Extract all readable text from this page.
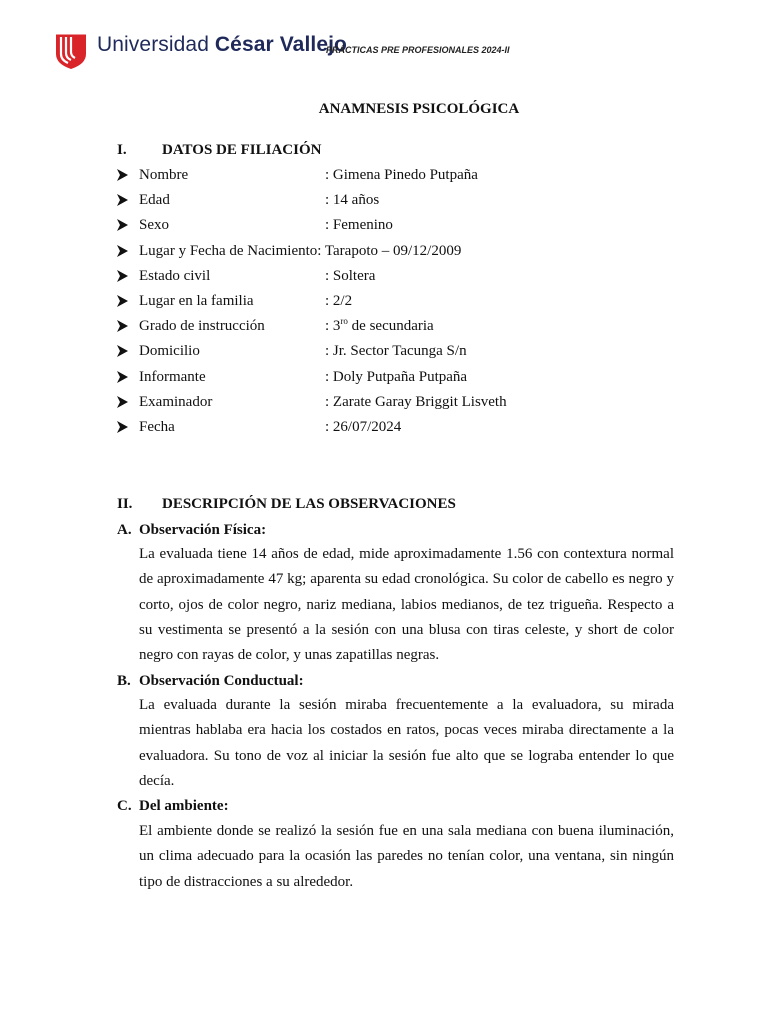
Universidad César Vallejo
PRÁCTICAS PRE PROFESIONALES 2024-II
ANAMNESIS PSICOLÓGICA
I. DATOS DE FILIACIÓN
Nombre	: Gimena Pinedo Putpaña
Edad	: 14 años
Sexo	: Femenino
Lugar y Fecha de Nacimiento : Tarapoto – 09/12/2009
Estado civil	: Soltera
Lugar en la familia	: 2/2
Grado de instrucción	: $3^{ro}$ de secundaria
Domicilio	: Jr. Sector Tacunga S/n
Informante	: Doly Putpaña Putpaña
Examinador	: Zarate Garay Briggit Lisveth
Fecha	: 26/07/2024
II. DESCRIPCIÓN DE LAS OBSERVACIONES
A. Observación Física:
La evaluada tiene 14 años de edad, mide aproximadamente 1.56 con contextura normal de aproximadamente 47 kg; aparenta su edad cronológica. Su color de cabello es negro y corto, ojos de color negro, nariz mediana, labios medianos, de tez trigueña. Respecto a su vestimenta se presentó a la sesión con una blusa con tiras celeste, y short de color negro con rayas de color, y unas zapatillas negras.
B. Observación Conductual:
La evaluada durante la sesión miraba frecuentemente a la evaluadora, su mirada mientras hablaba era hacia los costados en ratos, pocas veces miraba directamente a la evaluadora. Su tono de voz al iniciar la sesión fue alto que se lograba entender lo que decía.
C. Del ambiente:
El ambiente donde se realizó la sesión fue en una sala mediana con buena iluminación, un clima adecuado para la ocasión las paredes no tenían color, una ventana, sin ningún tipo de distracciones a su alrededor.
